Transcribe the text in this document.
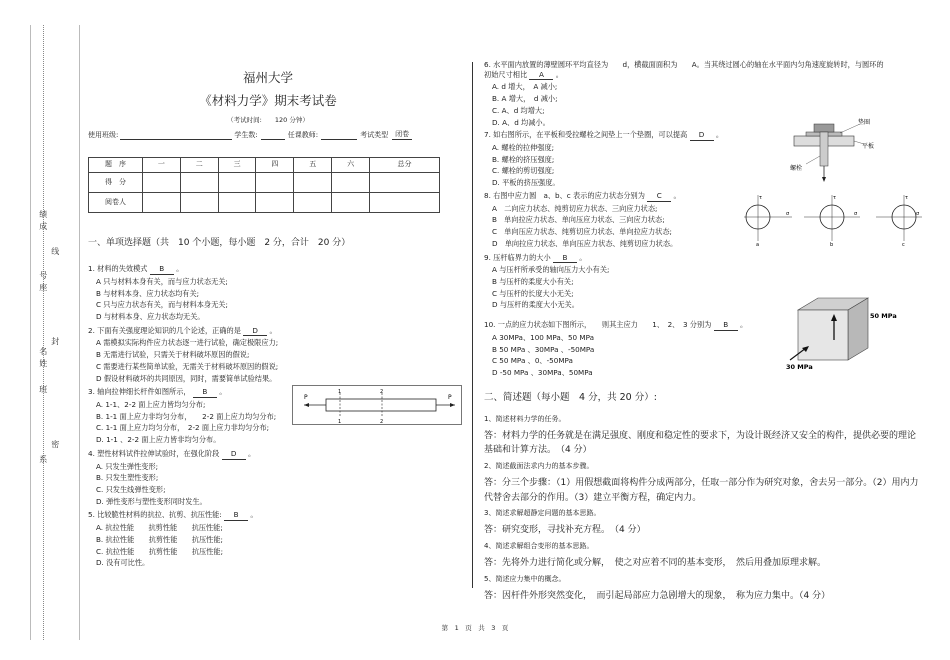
绩
成
线
号
座
封
名
姓
班
密
系
福州大学
《材料力学》期末考试卷
（考试时间:　　120 分钟）
使用班级:	学生数:	任课教师:	考试类型	闭卷
题　序	一	二	三	四	五	六	总分
得　分							
阅卷人							
一、单项选择题（共　10 个小题，每小题　2 分，合计　20 分）
1. 材料的失效模式 B 。
A 只与材料本身有关，而与应力状态无关;
B 与材料本身、应力状态均有关;
C 只与应力状态有关，而与材料本身无关;
D 与材料本身、应力状态均无关。
2. 下面有关强度理论知识的几个论述，正确的是 D 。
A 需模拟实际构件应力状态逐一进行试验，确定极限应力;
B 无需进行试验，只需关于材料破坏原因的假说;
C 需要进行某些简单试验，无需关于材料破坏原因的假说;
D 假设材料破坏的共同原因，同时，需要简单试验结果。
3. 轴向拉伸细长杆件如图所示， B 。
A. 1-1、2-2 面上应力皆均匀分布;
B. 1-1 面上应力非均匀分布，　　2-2 面上应力均匀分布;
C. 1-1 面上应力均匀分布，　2-2 面上应力非均匀分布;
D. 1-1 、2-2 面上应力皆非均匀分布。
P
1	2
P
1	2
4. 塑性材料试件拉伸试验时，在强化阶段 D 。
A. 只发生弹性变形;
B. 只发生塑性变形;
C. 只发生线弹性变形;
D. 弹性变形与塑性变形同时发生。
5. 比较脆性材料的抗拉、抗剪、抗压性能: B 。
A. 抗拉性能　　抗剪性能　　抗压性能;
B. 抗拉性能　　抗剪性能　　抗压性能;
C. 抗拉性能　　抗剪性能　　抗压性能;
D. 没有可比性。
6. 水平面内放置的薄壁圆环平均直径为　　d，横截面面积为　　A。当其绕过圆心的轴在水平面内匀角速度旋转时，与圆环的初始尺寸相比 A 。
A. d 增大，　A 减小;
B. A 增大，　d 减小;
C. A、d 均增大;
D. A、d 均减小。
7. 如右图所示，在平板和受拉螺栓之间垫上一个垫圈，可以提高 D 。
A. 螺栓的拉伸强度;
B. 螺栓的挤压强度;
C. 螺栓的剪切强度;
D. 平板的挤压强度。
垫圈
平板
螺栓
8. 右图中应力圆　a、b、c 表示的应力状态分别为 C 。
A　二向应力状态、纯剪切应力状态、三向应力状态;
B　单向拉应力状态、单向压应力状态、三向应力状态;
C　单向压应力状态、纯剪切应力状态、单向拉应力状态;
D　单向拉应力状态、单向压应力状态、纯剪切应力状态。
τ
σ
a
τ
σ
b
τ
σ
c
9. 压杆临界力的大小 B 。
A 与压杆所承受的轴向压力大小有关;
B 与压杆的柔度大小有关;
C 与压杆的长度大小无关;
D 与压杆的柔度大小无关。
10. 一点的应力状态如下图所示，　　则其主应力　　1、　2、　3 分别为 B 。
A 30MPa、100 MPa、50 MPa
B 50 MPa 、30MPa 、-50MPa
C 50 MPa 、0、-50MPa
D -50 MPa 、30MPa、50MPa
50 MPa
30 MPa
二、简述题（每小题　4 分，共 20 分）:
1、简述材料力学的任务。
答：材料力学的任务就是在满足强度、刚度和稳定性的要求下，为设计既经济又安全的构件，提供必要的理论基础和计算方法。　（4 分）
2、简述截面法求内力的基本步骤。
答：分三个步骤：（1）用假想截面将构件分成两部分，任取一部分作为研究对象，舍去另一部分。（2）用内力代替舍去部分的作用。（3）建立平衡方程，确定内力。
3、简述求解超静定问题的基本思路。
答：研究变形，寻找补充方程。　（4 分）
4、简述求解组合变形的基本思路。
答：先将外力进行简化或分解，　使之对应着不同的基本变形，　然后用叠加原理求解。
5、简述应力集中的概念。
答：因杆件外形突然变化，　而引起局部应力急剧增大的现象，　称为应力集中。（4 分）
第　1　页　共　3　页
